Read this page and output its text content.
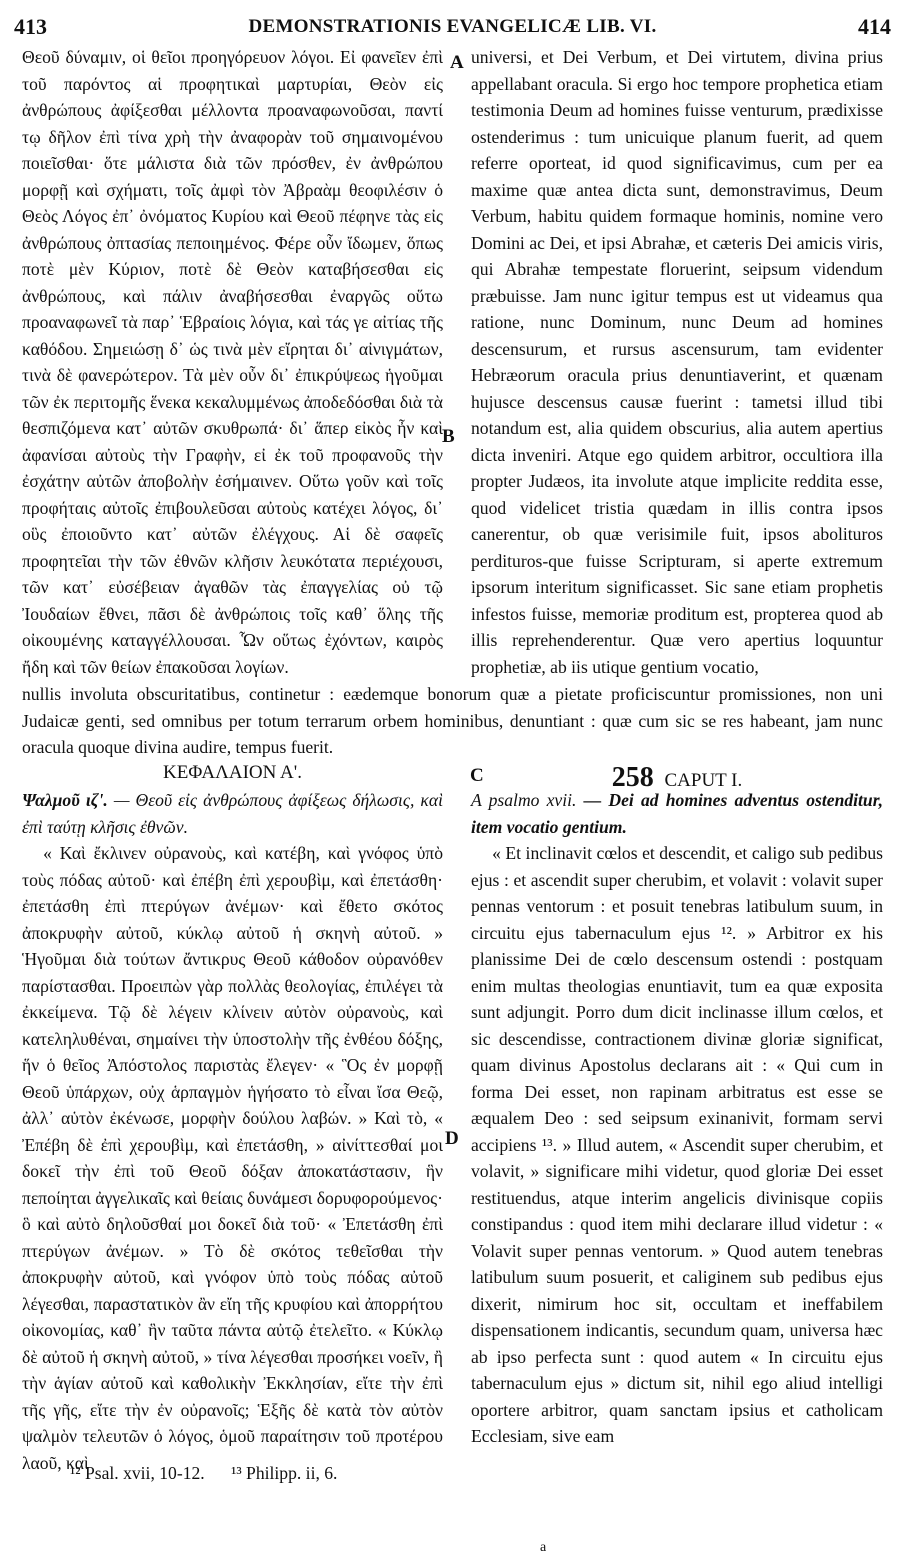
413	DEMONSTRATIONIS EVANGELICÆ LIB. VI.	414

Θεοῦ δύναμιν, οἱ θεῖοι προηγόρευον λόγοι. Εἰ φανεῖεν ἐπὶ τοῦ παρόντος αἱ προφητικαὶ μαρτυρίαι, Θεὸν εἰς ἀνθρώπους ἀφίξεσθαι μέλλοντα προαναφωνοῦσαι, παντί τῳ δῆλον ἐπὶ τίνα χρὴ τὴν ἀναφορὰν τοῦ σημαινομένου ποιεῖσθαι· ὅτε μάλιστα διὰ τῶν πρόσθεν, ἐν ἀνθρώπου μορφῇ καὶ σχήματι, τοῖς ἀμφὶ τὸν Ἀβραὰμ θεοφιλέσιν ὁ Θεὸς Λόγος ἐπ᾽ ὀνόματος Κυρίου καὶ Θεοῦ πέφηνε τὰς εἰς ἀνθρώπους ὀπτασίας πεποιημένος. Φέρε οὖν ἴδωμεν, ὅπως ποτὲ μὲν Κύριον, ποτὲ δὲ Θεὸν καταβήσεσθαι εἰς ἀνθρώπους, καὶ πάλιν ἀναβήσεσθαι ἐναργῶς οὕτω προαναφωνεῖ τὰ παρ᾽ Ἑβραίοις λόγια, καὶ τάς γε αἰτίας τῆς καθόδου. Σημειώσῃ δ᾽ ὡς τινὰ μὲν εἴρηται δι᾽ αἰνιγμάτων, τινὰ δὲ φανερώτερον. Τὰ μὲν οὖν δι᾽ ἐπικρύψεως ἡγοῦμαι τῶν ἐκ περιτομῆς ἕνεκα κεκαλυμμένως ἀποδεδόσθαι διὰ τὰ θεσπιζόμενα κατ᾽ αὐτῶν σκυθρωπά· δι᾽ ἅπερ εἰκὸς ἦν καὶ ἀφανίσαι αὐτοὺς τὴν Γραφὴν, εἰ ἐκ τοῦ προφανοῦς τὴν ἐσχάτην αὐτῶν ἀποβολὴν ἐσήμαινεν. Οὕτω γοῦν καὶ τοῖς προφήταις αὐτοῖς ἐπιβουλεῦσαι αὐτοὺς κατέχει λόγος, δι᾽ οὓς ἐποιοῦντο κατ᾽ αὐτῶν ἐλέγχους. Αἱ δὲ σαφεῖς προφητεῖαι τὴν τῶν ἐθνῶν κλῆσιν λευκότατα περιέχουσι, τῶν κατ᾽ εὐσέβειαν ἀγαθῶν τὰς ἐπαγγελίας οὐ τῷ Ἰουδαίων ἔθνει, πᾶσι δὲ ἀνθρώποις τοῖς καθ᾽ ὅλης τῆς οἰκουμένης καταγγέλλουσαι. Ὧν οὕτως ἐχόντων, καιρὸς ἤδη καὶ τῶν θείων ἐπακοῦσαι λογίων.

A
B

universi, et Dei Verbum, et Dei virtutem, divina prius appellabant oracula. Si ergo hoc tempore prophetica etiam testimonia Deum ad homines fuisse venturum, prædixisse ostenderimus : tum unicuique planum fuerit, ad quem referre oporteat, id quod significavimus, cum per ea maxime quæ antea dicta sunt, demonstravimus, Deum Verbum, habitu quidem formaque hominis, nomine vero Domini ac Dei, et ipsi Abrahæ, et cæteris Dei amicis viris, qui Abrahæ tempestate floruerint, seipsum videndum præbuisse. Jam nunc igitur tempus est ut videamus qua ratione, nunc Dominum, nunc Deum ad homines descensurum, et rursus ascensurum, tam evidenter Hebræorum oracula prius denuntiaverint, et quænam hujusce descensus causæ fuerint : tametsi illud tibi notandum est, alia quidem obscurius, alia autem apertius dicta inveniri. Atque ego quidem arbitror, occultiora illa propter Judæos, ita involute atque implicite reddita esse, quod videlicet tristia quædam in illis contra ipsos canerentur, ob quæ verisimile fuit, ipsos abolituros perdituros-que fuisse Scripturam, si aperte extremum ipsorum interitum significasset. Sic sane etiam prophetis infestos fuisse, memoriæ proditum est, propterea quod ab illis reprehenderentur. Quæ vero apertius loquuntur prophetiæ, ab iis utique gentium vocatio,

nullis involuta obscuritatibus, continetur : eædemque bonorum quæ a pietate proficiscuntur promissiones, non uni Judaicæ genti, sed omnibus per totum terrarum orbem hominibus, denuntiant : quæ cum sic se res habeant, jam nunc oracula quoque divina audire, tempus fuerit.
ΚΕΦΑΛΑΙΟΝ Α'.	C	258 CAPUT I.

Ψαλμοῦ ιζ'. — Θεοῦ εἰς ἀνθρώπους ἀφίξεως δήλωσις, καὶ ἐπὶ ταύτῃ κλῆσις ἐθνῶν.

« Καὶ ἔκλινεν οὐρανοὺς, καὶ κατέβη, καὶ γνόφος ὑπὸ τοὺς πόδας αὐτοῦ· καὶ ἐπέβη ἐπὶ χερουβὶμ, καὶ ἐπετάσθη· ἐπετάσθη ἐπὶ πτερύγων ἀνέμων· καὶ ἔθετο σκότος ἀποκρυφὴν αὐτοῦ, κύκλῳ αὐτοῦ ἡ σκηνὴ αὐτοῦ. » Ἡγοῦμαι διὰ τούτων ἄντικρυς Θεοῦ κάθοδον οὐρανόθεν παρίστασθαι. Προειπὼν γὰρ πολλὰς θεολογίας, ἐπιλέγει τὰ ἐκκείμενα. Τῷ δὲ λέγειν κλίνειν αὐτὸν οὐρανοὺς, καὶ κατεληλυθέναι, σημαίνει τὴν ὑποστολὴν τῆς ἐνθέου δόξης, ἥν ὁ θεῖος Ἀπόστολος παριστὰς ἔλεγεν· « Ὃς ἐν μορφῇ Θεοῦ ὑπάρχων, οὐχ ἁρπαγμὸν ἡγήσατο τὸ εἶναι ἴσα Θεῷ, ἀλλ᾽ αὑτὸν ἐκένωσε, μορφὴν δούλου λαβών. » Καὶ τὸ, « Ἐπέβη δὲ ἐπὶ χερουβὶμ, καὶ ἐπετάσθη, » αἰνίττεσθαί μοι δοκεῖ τὴν ἐπὶ τοῦ Θεοῦ δόξαν ἀποκατάστασιν, ἣν πεποίηται ἀγγελικαῖς καὶ θείαις δυνάμεσι δορυφορούμενος· ὃ καὶ αὐτὸ δηλοῦσθαί μοι δοκεῖ διὰ τοῦ· « Ἐπετάσθη ἐπὶ πτερύγων ἀνέμων. » Τὸ δὲ σκότος τεθεῖσθαι τὴν ἀποκρυφὴν αὐτοῦ, καὶ γνόφον ὑπὸ τοὺς πόδας αὐτοῦ λέγεσθαι, παραστατικὸν ἂν εἴη τῆς κρυφίου καὶ ἀπορρήτου οἰκονομίας, καθ᾽ ἣν ταῦτα πάντα αὐτῷ ἐτελεῖτο. « Κύκλῳ δὲ αὐτοῦ ἡ σκηνὴ αὐτοῦ, » τίνα λέγεσθαι προσήκει νοεῖν, ἢ τὴν ἁγίαν αὐτοῦ καὶ καθολικὴν Ἐκκλησίαν, εἴτε τὴν ἐπὶ τῆς γῆς, εἴτε τὴν ἐν οὐρανοῖς; Ἑξῆς δὲ κατὰ τὸν αὐτὸν ψαλμὸν τελευτῶν ὁ λόγος, ὁμοῦ παραίτησιν τοῦ προτέρου λαοῦ, καὶ

D

A psalmo xvii. — Dei ad homines adventus ostenditur, item vocatio gentium.

« Et inclinavit cœlos et descendit, et caligo sub pedibus ejus : et ascendit super cherubim, et volavit : volavit super pennas ventorum : et posuit tenebras latibulum suum, in circuitu ejus tabernaculum ejus ¹². » Arbitror ex his planissime Dei de cœlo descensum ostendi : postquam enim multas theologias enuntiavit, tum ea quæ exposita sunt adjungit. Porro dum dicit inclinasse illum cœlos, et sic descendisse, contractionem divinæ gloriæ significat, quam divinus Apostolus declarans ait : « Qui cum in forma Dei esset, non rapinam arbitratus est esse se æqualem Deo : sed seipsum exinanivit, formam servi accipiens ¹³. » Illud autem, « Ascendit super cherubim, et volavit, » significare mihi videtur, quod gloriæ Dei esset restituendus, atque interim angelicis divinisque copiis constipandus : quod item mihi declarare illud videtur : « Volavit super pennas ventorum. » Quod autem tenebras latibulum suum posuerit, et caliginem sub pedibus ejus dixerit, nimirum hoc sit, occultam et ineffabilem dispensationem indicantis, secundum quam, universa hæc ab ipso perfecta sunt : quod autem « In circuitu ejus tabernaculum ejus » dictum sit, nihil ego aliud intelligi oportere arbitror, quam sanctam ipsius et catholicam Ecclesiam, sive eam

¹² Psal. xvii, 10-12. ¹³ Philipp. ii, 6.
a
